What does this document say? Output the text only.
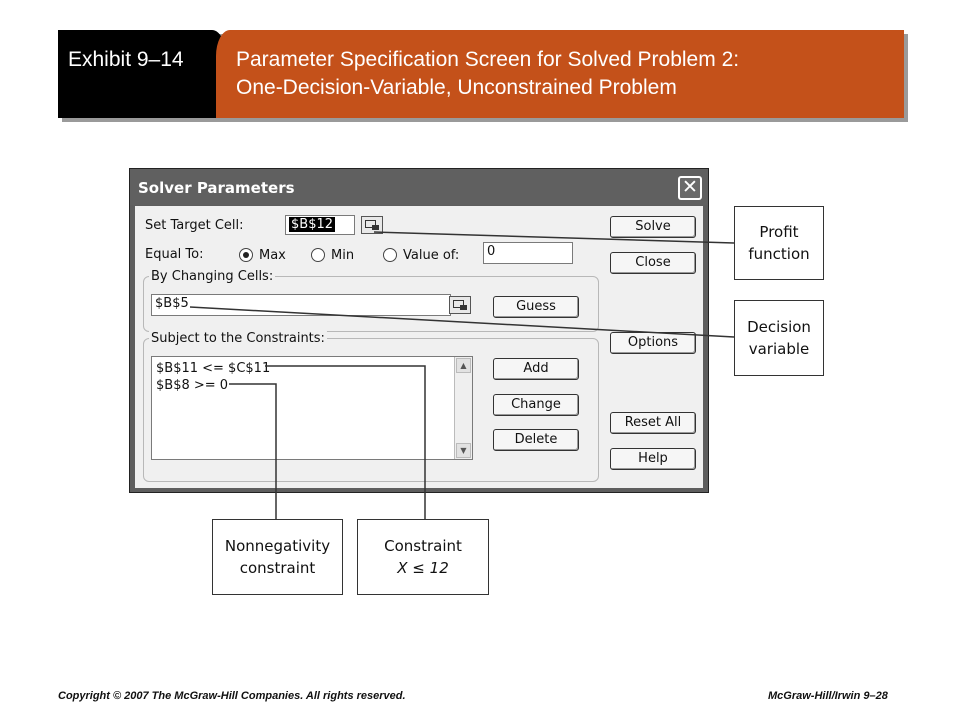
Exhibit 9–14 Parameter Specification Screen for Solved Problem 2:
One-Decision-Variable, Unconstrained Problem
Solver Parameters	✕
Set Target Cell:	$B$12
Equal To:	Max	Min	Value of:	0
By Changing Cells:
$B$5	Guess
Subject to the Constraints:
$B$11 <= $C$11
$B$8 >= 0
▲
▼
Add
Change
Delete
Solve
Close
Options
Reset All
Help
Profit
function
Decision
variable
Nonnegativity
constraint
Constraint
X ≤ 12
Copyright © 2007 The McGraw-Hill Companies. All rights reserved.	McGraw-Hill/Irwin 9–28
